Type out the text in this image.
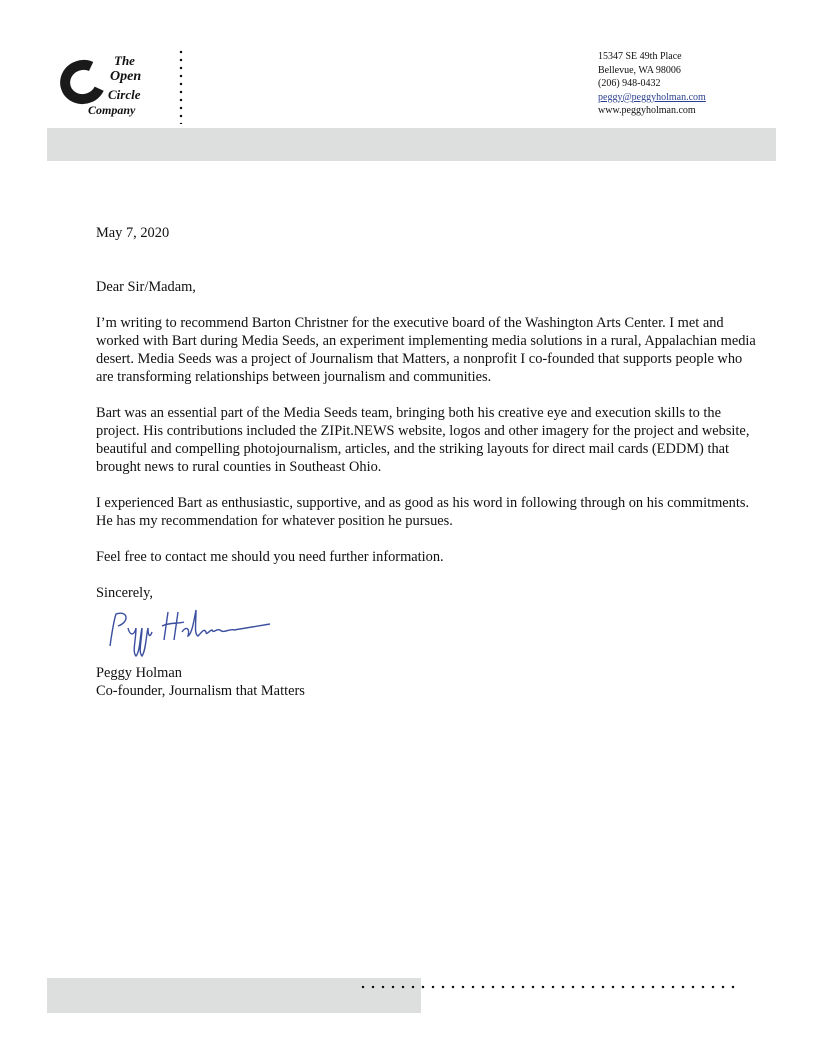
The
Open
Circle
Company
15347 SE 49th Place
Bellevue, WA 98006
(206) 948-0432
peggy@peggyholman.com
www.peggyholman.com

May 7, 2020

Dear Sir/Madam,

I’m writing to recommend Barton Christner for the executive board of the Washington Arts Center. I met and worked with Bart during Media Seeds, an experiment implementing media solutions in a rural, Appalachian media desert. Media Seeds was a project of Journalism that Matters, a nonprofit I co-founded that supports people who are transforming relationships between journalism and communities.

Bart was an essential part of the Media Seeds team, bringing both his creative eye and execution skills to the project. His contributions included the ZIPit.NEWS website, logos and other imagery for the project and website, beautiful and compelling photojournalism, articles, and the striking layouts for direct mail cards (EDDM) that brought news to rural counties in Southeast Ohio.

I experienced Bart as enthusiastic, supportive, and as good as his word in following through on his commitments. He has my recommendation for whatever position he pursues.

Feel free to contact me should you need further information.

Sincerely,

Peggy Holman

Co-founder, Journalism that Matters
